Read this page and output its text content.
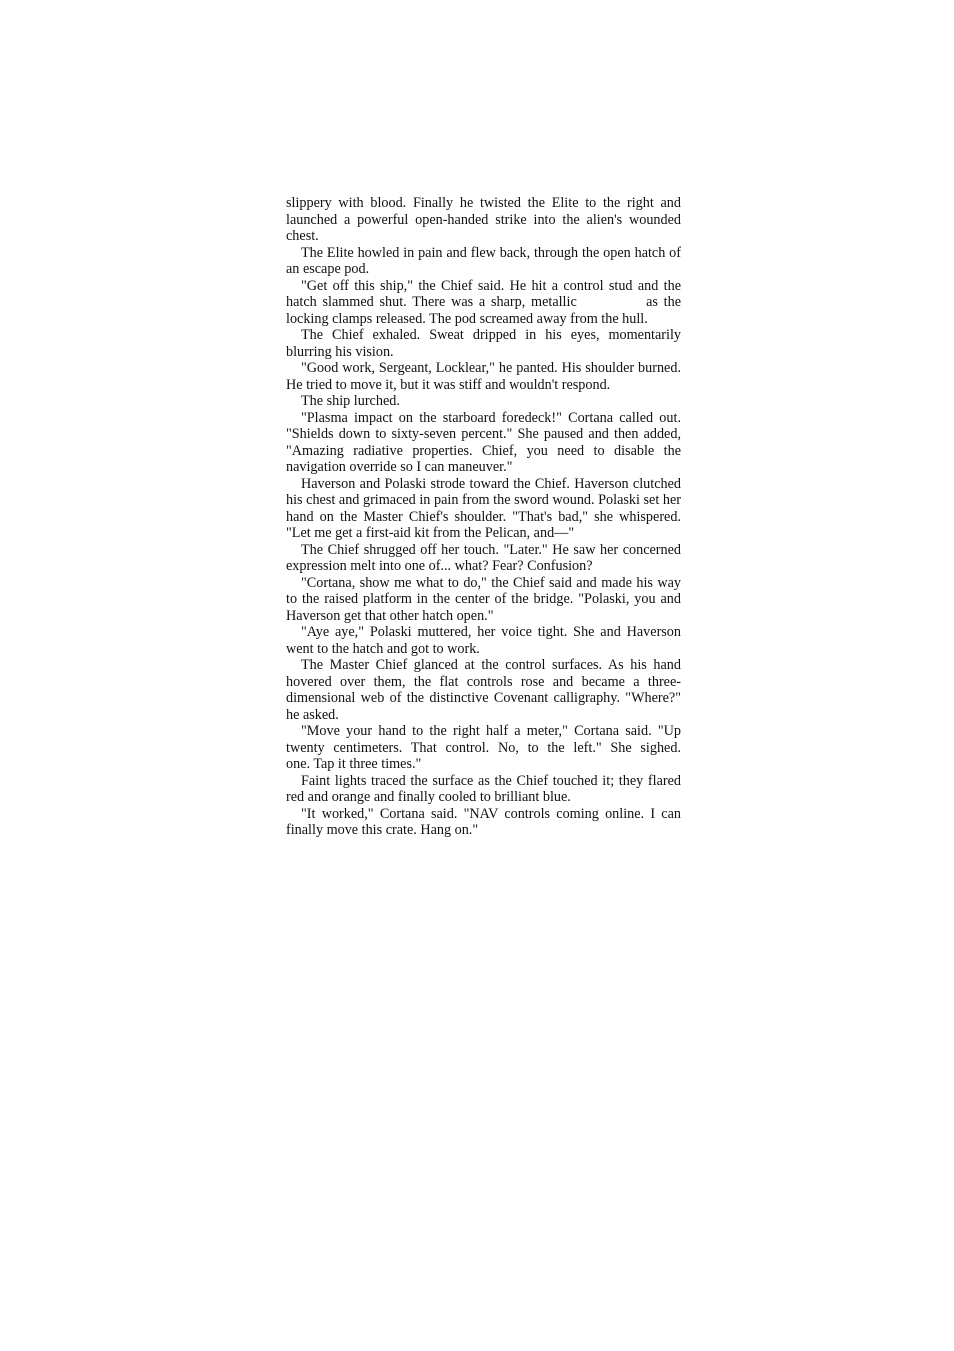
slippery with blood. Finally he twisted the Elite to the right and launched a powerful open-handed strike into the alien's wounded chest.

The Elite howled in pain and flew back, through the open hatch of an escape pod.

"Get off this ship," the Chief said. He hit a control stud and the hatch slammed shut. There was a sharp, metallic            as the locking clamps released. The pod screamed away from the hull.

The Chief exhaled. Sweat dripped in his eyes, momentarily blurring his vision.

"Good work, Sergeant, Locklear," he panted. His shoulder burned. He tried to move it, but it was stiff and wouldn't respond.

The ship lurched.

"Plasma impact on the starboard foredeck!" Cortana called out. "Shields down to sixty-seven percent." She paused and then added, "Amazing radiative properties. Chief, you need to disable the navigation override so I can maneuver."

Haverson and Polaski strode toward the Chief. Haverson clutched his chest and grimaced in pain from the sword wound. Polaski set her hand on the Master Chief's shoulder. "That's bad," she whispered. "Let me get a first-aid kit from the Pelican, and—"

The Chief shrugged off her touch. "Later." He saw her concerned expression melt into one of... what? Fear? Confusion?

"Cortana, show me what to do," the Chief said and made his way to the raised platform in the center of the bridge. "Polaski, you and Haverson get that other hatch open."

"Aye aye," Polaski muttered, her voice tight. She and Haverson went to the hatch and got to work.

The Master Chief glanced at the control surfaces. As his hand hovered over them, the flat controls rose and became a three-dimensional web of the distinctive Covenant calligraphy. "Where?" he asked.

"Move your hand to the right half a meter," Cortana said. "Up twenty centimeters. That control. No, to the left." She sighed.        one. Tap it three times."

Faint lights traced the surface as the Chief touched it; they flared red and orange and finally cooled to brilliant blue.

"It worked," Cortana said. "NAV controls coming online. I can finally move this crate. Hang on."
